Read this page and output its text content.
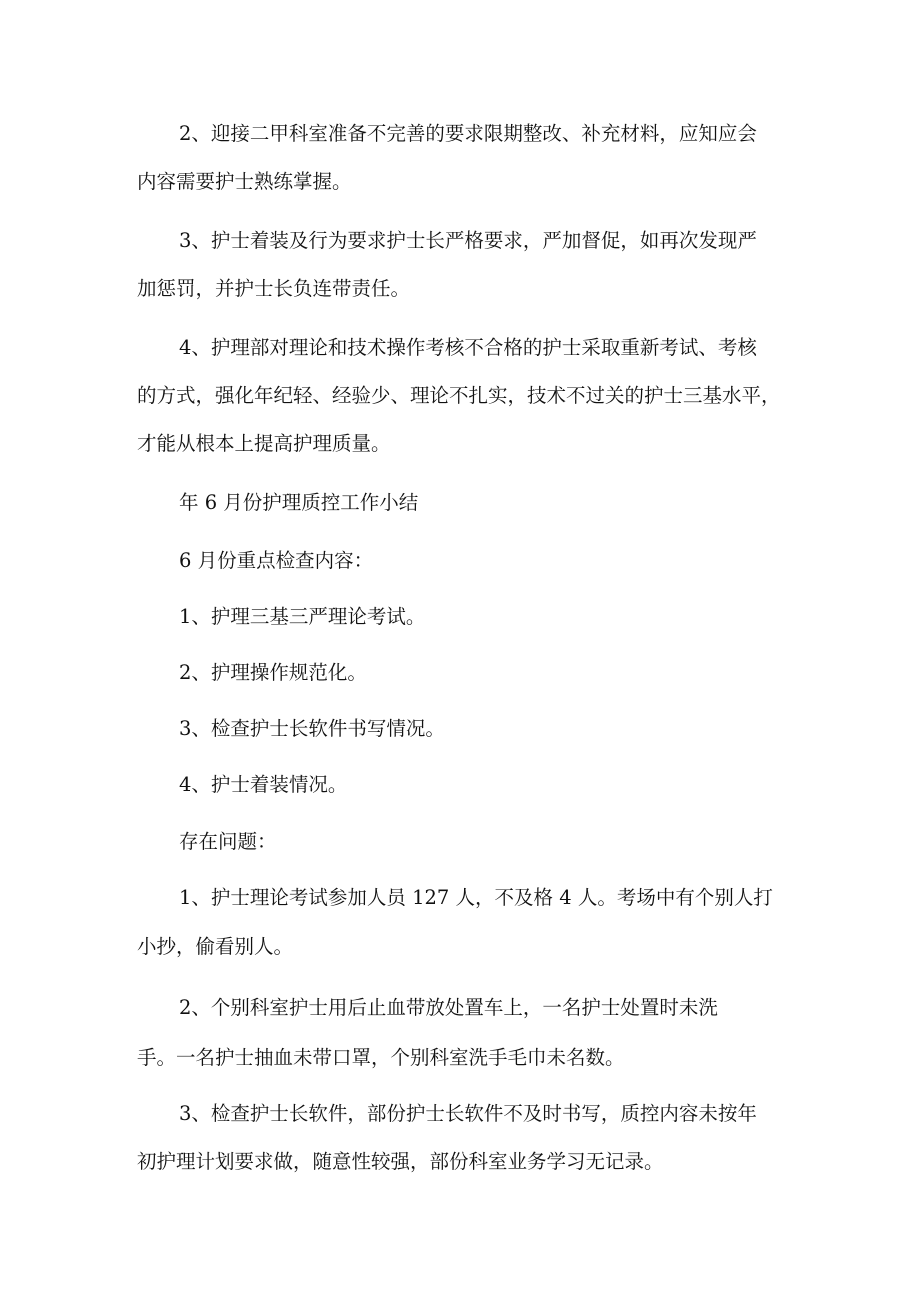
2、迎接二甲科室准备不完善的要求限期整改、补充材料，应知应会

内容需要护士熟练掌握。

3、护士着装及行为要求护士长严格要求，严加督促，如再次发现严

加惩罚，并护士长负连带责任。

4、护理部对理论和技术操作考核不合格的护士采取重新考试、考核

的方式，强化年纪轻、经验少、理论不扎实，技术不过关的护士三基水平，

才能从根本上提高护理质量。

年 6 月份护理质控工作小结

6 月份重点检查内容：

1、护理三基三严理论考试。

2、护理操作规范化。

3、检查护士长软件书写情况。

4、护士着装情况。

存在问题：

1、护士理论考试参加人员 127 人，不及格 4 人。考场中有个别人打

小抄，偷看别人。

2、个别科室护士用后止血带放处置车上，一名护士处置时未洗

手。一名护士抽血未带口罩，个别科室洗手毛巾未名数。

3、检查护士长软件，部份护士长软件不及时书写，质控内容未按年

初护理计划要求做，随意性较强，部份科室业务学习无记录。
